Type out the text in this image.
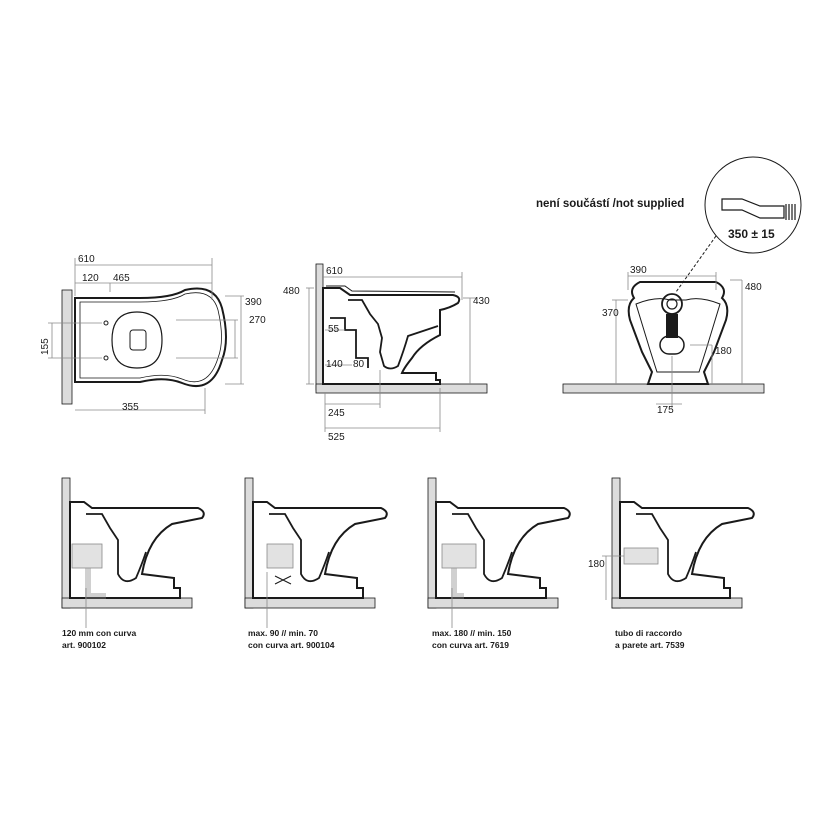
není součástí /not supplied
350 ± 15
610
120 465
390
270
155
355
610
480
430
55
140 80
245
525
390
480
370
180
175
180
120 mm con curva
art. 900102
max. 90 // min. 70
con curva art. 900104
max. 180 // min. 150
con curva art. 7619
tubo di raccordo
a parete art. 7539
